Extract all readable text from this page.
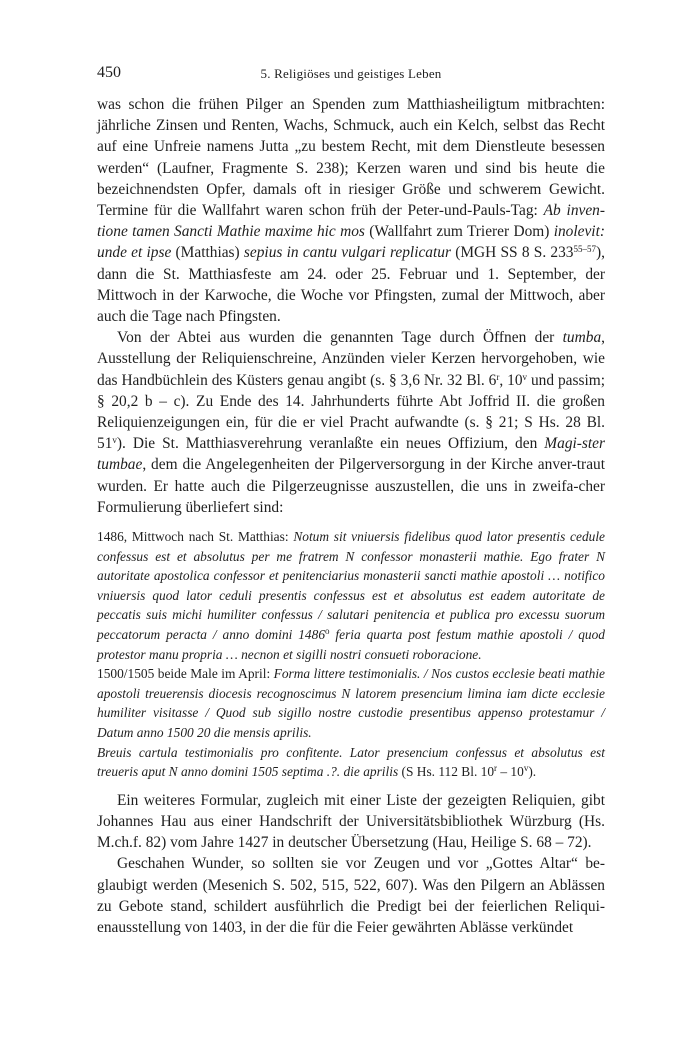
450	5. Religiöses und geistiges Leben

was schon die frühen Pilger an Spenden zum Matthiasheiligtum mitbrachten: jährliche Zinsen und Renten, Wachs, Schmuck, auch ein Kelch, selbst das Recht auf eine Unfreie namens Jutta „zu bestem Recht, mit dem Dienstleute besessen werden“ (Laufner, Fragmente S. 238); Kerzen waren und sind bis heute die bezeichnendsten Opfer, damals oft in riesiger Größe und schwerem Gewicht. Termine für die Wallfahrt waren schon früh der Peter-und-Pauls-Tag: Ab inven-tione tamen Sancti Mathie maxime hic mos (Wallfahrt zum Trierer Dom) inolevit: unde et ipse (Matthias) sepius in cantu vulgari replicatur (MGH SS 8 S. 233$^{55-57}$), dann die St. Matthiasfeste am 24. oder 25. Februar und 1. September, der Mittwoch in der Karwoche, die Woche vor Pfingsten, zumal der Mittwoch, aber auch die Tage nach Pfingsten.

Von der Abtei aus wurden die genannten Tage durch Öffnen der tumba, Ausstellung der Reliquienschreine, Anzünden vieler Kerzen hervorgehoben, wie das Handbüchlein des Küsters genau angibt (s. § 3,6 Nr. 32 Bl. 6$^r$, 10$^v$ und passim; § 20,2 b – c). Zu Ende des 14. Jahrhunderts führte Abt Joffrid II. die großen Reliquienzeigungen ein, für die er viel Pracht aufwandte (s. § 21; S Hs. 28 Bl. 51$^v$). Die St. Matthiasverehrung veranlaßte ein neues Offizium, den Magi-ster tumbae, dem die Angelegenheiten der Pilgerversorgung in der Kirche anver-traut wurden. Er hatte auch die Pilgerzeugnisse auszustellen, die uns in zweifa-cher Formulierung überliefert sind:

1486, Mittwoch nach St. Matthias: Notum sit vniuersis fidelibus quod lator presentis cedule confessus est et absolutus per me fratrem N confessor monasterii mathie. Ego frater N autoritate apostolica confessor et penitenciarius monasterii sancti mathie apostoli … notifico vniuersis quod lator ceduli presentis confessus est et absolutus est eadem autoritate de peccatis suis michi humiliter confessus / salutari penitencia et publica pro excessu suorum peccatorum peracta / anno domini 1486$^o$ feria quarta post festum mathie apostoli / quod protestor manu propria … necnon et sigilli nostri consueti roboracione.

1500/1505 beide Male im April: Forma littere testimonialis. / Nos custos ecclesie beati mathie apostoli treuerensis diocesis recognoscimus N latorem presencium limina iam dicte ecclesie humiliter visitasse / Quod sub sigillo nostre custodie presentibus appenso protestamur / Datum anno 1500 20 die mensis aprilis.

Breuis cartula testimonialis pro confitente. Lator presencium confessus et absolutus est treueris aput N anno domini 1505 septima .?. die aprilis (S Hs. 112 Bl. 10$^r$ – 10$^v$).

Ein weiteres Formular, zugleich mit einer Liste der gezeigten Reliquien, gibt Johannes Hau aus einer Handschrift der Universitätsbibliothek Würzburg (Hs. M.ch.f. 82) vom Jahre 1427 in deutscher Übersetzung (Hau, Heilige S. 68 – 72).

Geschahen Wunder, so sollten sie vor Zeugen und vor „Gottes Altar“ be-glaubigt werden (Mesenich S. 502, 515, 522, 607). Was den Pilgern an Ablässen zu Gebote stand, schildert ausführlich die Predigt bei der feierlichen Reliqui-enausstellung von 1403, in der die für die Feier gewährten Ablässe verkündet
